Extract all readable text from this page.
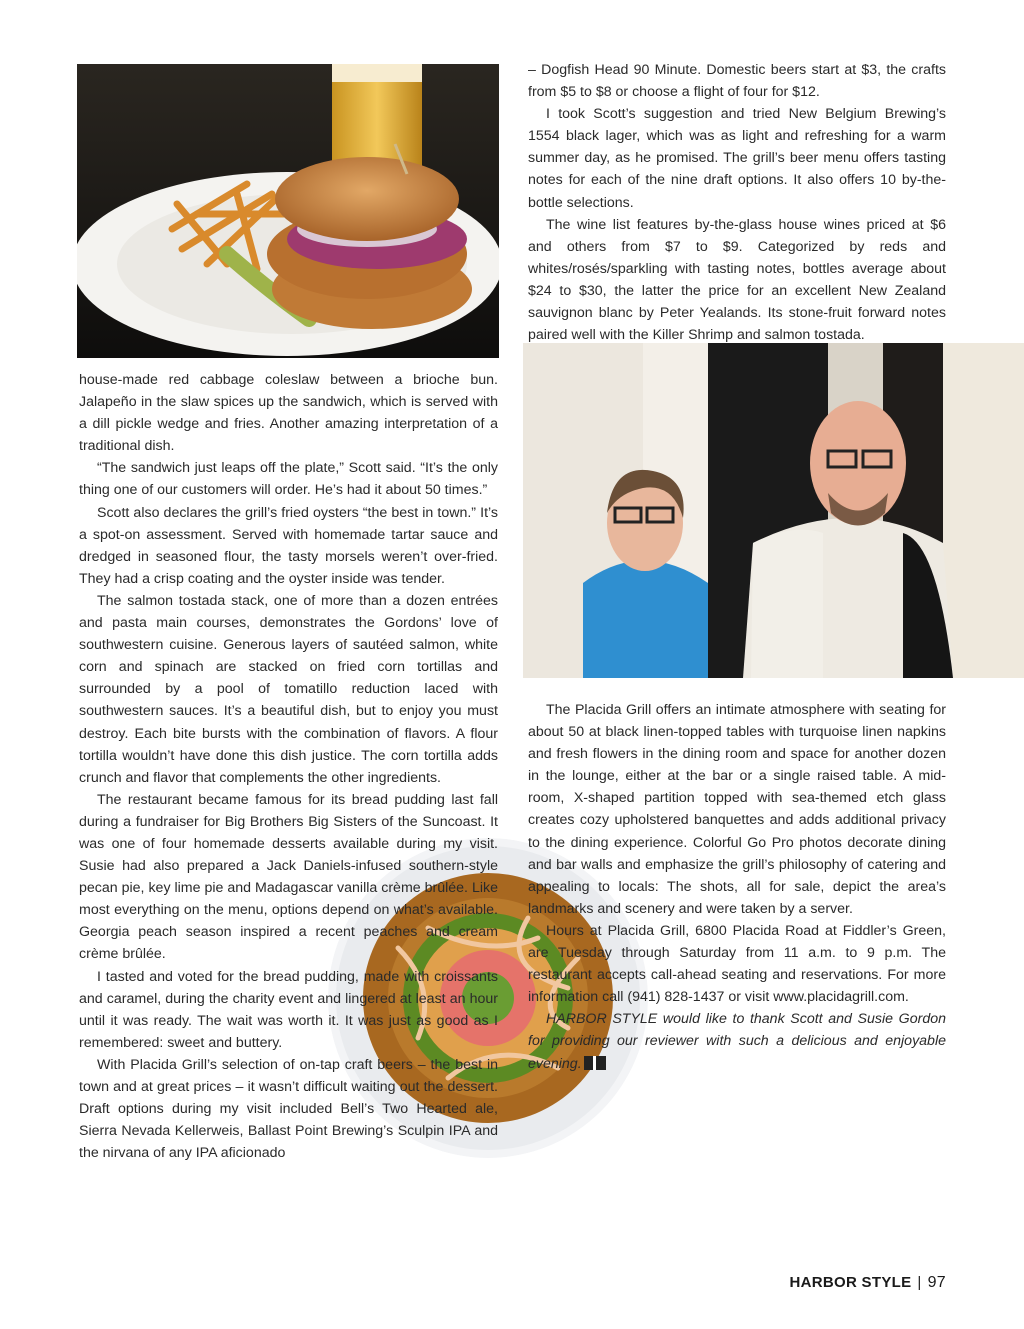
house-made red cabbage coleslaw between a brioche bun. Jalapeño in the slaw spices up the sandwich, which is served with a dill pickle wedge and fries. Another amazing interpretation of a traditional dish.

“The sandwich just leaps off the plate,” Scott said. “It’s the only thing one of our customers will order. He’s had it about 50 times.”

Scott also declares the grill’s fried oysters “the best in town.” It’s a spot-on assessment. Served with homemade tartar sauce and dredged in seasoned flour, the tasty morsels weren’t over-fried. They had a crisp coating and the oyster inside was tender.

The salmon tostada stack, one of more than a dozen entrées and pasta main courses, demonstrates the Gordons’ love of southwestern cuisine. Generous layers of sautéed salmon, white corn and spinach are stacked on fried corn tortillas and surrounded by a pool of tomatillo reduction laced with southwestern sauces. It’s a beautiful dish, but to enjoy you must destroy. Each bite bursts with the combination of flavors. A flour tortilla wouldn’t have done this dish justice. The corn tortilla adds crunch and flavor that complements the other ingredients.

The restaurant became famous for its bread pudding last fall during a fundraiser for Big Brothers Big Sisters of the Suncoast. It was one of four homemade desserts available during my visit. Susie had also prepared a Jack Daniels-infused southern-style pecan pie, key lime pie and Madagascar vanilla crème brûlée. Like most everything on the menu, options depend on what’s available. Georgia peach season inspired a recent peaches and cream crème brûlée.

I tasted and voted for the bread pudding, made with croissants and caramel, during the charity event and lingered at least an hour until it was ready. The wait was worth it. It was just as good as I remembered: sweet and buttery.

With Placida Grill’s selection of on-tap craft beers – the best in town and at great prices – it wasn’t difficult waiting out the dessert. Draft options during my visit included Bell’s Two Hearted ale, Sierra Nevada Kellerweis, Ballast Point Brewing’s Sculpin IPA and the nirvana of any IPA aficionado

– Dogfish Head 90 Minute. Domestic beers start at $3, the crafts from $5 to $8 or choose a flight of four for $12.

I took Scott’s suggestion and tried New Belgium Brewing’s 1554 black lager, which was as light and refreshing for a warm summer day, as he promised. The grill’s beer menu offers tasting notes for each of the nine draft options. It also offers 10 by-the-bottle selections.

The wine list features by-the-glass house wines priced at $6 and others from $7 to $9. Categorized by reds and whites/rosés/sparkling with tasting notes, bottles average about $24 to $30, the latter the price for an excellent New Zealand sauvignon blanc by Peter Yealands. Its stone-fruit forward notes paired well with the Killer Shrimp and salmon tostada.

The Placida Grill offers an intimate atmosphere with seating for about 50 at black linen-topped tables with turquoise linen napkins and fresh flowers in the dining room and space for another dozen in the lounge, either at the bar or a single raised table. A mid-room, X-shaped partition topped with sea-themed etch glass creates cozy upholstered banquettes and adds additional privacy to the dining experience. Colorful Go Pro photos decorate dining and bar walls and emphasize the grill’s philosophy of catering and appealing to locals: The shots, all for sale, depict the area’s landmarks and scenery and were taken by a server.

Hours at Placida Grill, 6800 Placida Road at Fiddler’s Green, are Tuesday through Saturday from 11 a.m. to 9 p.m. The restaurant accepts call-ahead seating and reservations. For more information call (941) 828-1437 or visit www.placidagrill.com.

HARBOR STYLE would like to thank Scott and Susie Gordon for providing our reviewer with such a delicious and enjoyable evening.

HARBOR STYLE | 97
